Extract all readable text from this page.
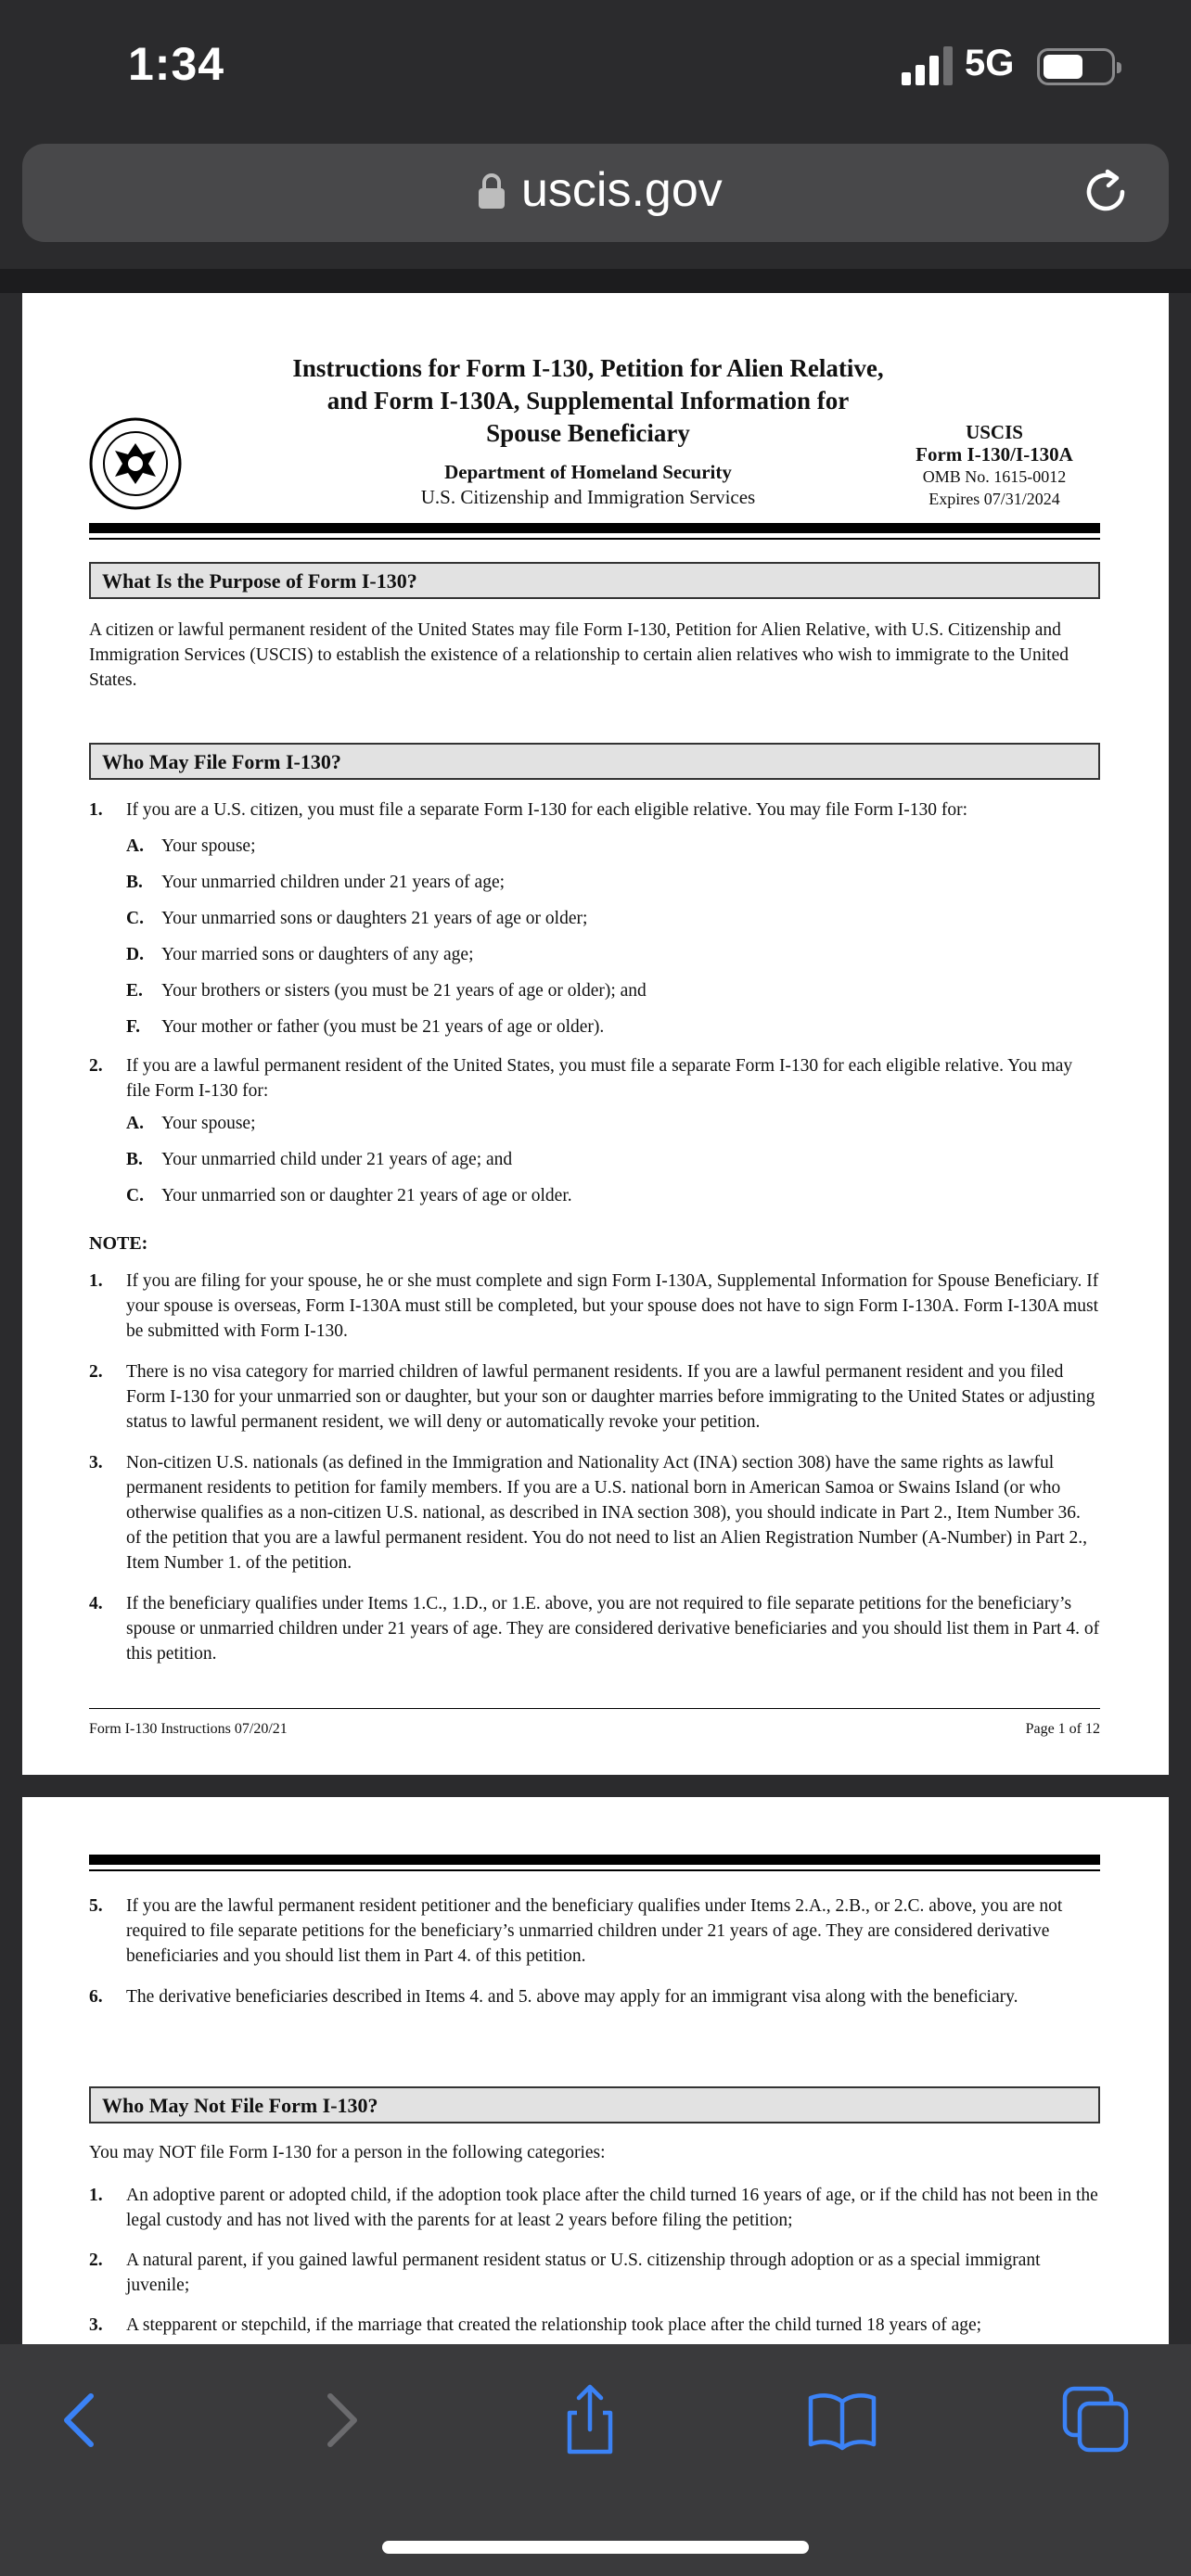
1:34	5G
uscis.gov
Instructions for Form I-130, Petition for Alien Relative,
and Form I-130A, Supplemental Information for
Spouse Beneficiary
Department of Homeland Security
U.S. Citizenship and Immigration Services
USCIS
Form I-130/I-130A
OMB No. 1615-0012
Expires 07/31/2024
What Is the Purpose of Form I-130?
A citizen or lawful permanent resident of the United States may file Form I-130, Petition for Alien Relative, with U.S. Citizenship and Immigration Services (USCIS) to establish the existence of a relationship to certain alien relatives who wish to immigrate to the United States.
Who May File Form I-130?
1. If you are a U.S. citizen, you must file a separate Form I-130 for each eligible relative. You may file Form I-130 for:
A. Your spouse;
B. Your unmarried children under 21 years of age;
C. Your unmarried sons or daughters 21 years of age or older;
D. Your married sons or daughters of any age;
E. Your brothers or sisters (you must be 21 years of age or older); and
F. Your mother or father (you must be 21 years of age or older).
2. If you are a lawful permanent resident of the United States, you must file a separate Form I-130 for each eligible relative. You may file Form I-130 for:
A. Your spouse;
B. Your unmarried child under 21 years of age; and
C. Your unmarried son or daughter 21 years of age or older.
NOTE:
1. If you are filing for your spouse, he or she must complete and sign Form I-130A, Supplemental Information for Spouse Beneficiary. If your spouse is overseas, Form I-130A must still be completed, but your spouse does not have to sign Form I-130A. Form I-130A must be submitted with Form I-130.
2. There is no visa category for married children of lawful permanent residents. If you are a lawful permanent resident and you filed Form I-130 for your unmarried son or daughter, but your son or daughter marries before immigrating to the United States or adjusting status to lawful permanent resident, we will deny or automatically revoke your petition.
3. Non-citizen U.S. nationals (as defined in the Immigration and Nationality Act (INA) section 308) have the same rights as lawful permanent residents to petition for family members. If you are a U.S. national born in American Samoa or Swains Island (or who otherwise qualifies as a non-citizen U.S. national, as described in INA section 308), you should indicate in Part 2., Item Number 36. of the petition that you are a lawful permanent resident. You do not need to list an Alien Registration Number (A-Number) in Part 2., Item Number 1. of the petition.
4. If the beneficiary qualifies under Items 1.C., 1.D., or 1.E. above, you are not required to file separate petitions for the beneficiary’s spouse or unmarried children under 21 years of age. They are considered derivative beneficiaries and you should list them in Part 4. of this petition.
Form I-130 Instructions 07/20/21	Page 1 of 12
5. If you are the lawful permanent resident petitioner and the beneficiary qualifies under Items 2.A., 2.B., or 2.C. above, you are not required to file separate petitions for the beneficiary’s unmarried children under 21 years of age. They are considered derivative beneficiaries and you should list them in Part 4. of this petition.
6. The derivative beneficiaries described in Items 4. and 5. above may apply for an immigrant visa along with the beneficiary.
Who May Not File Form I-130?
You may NOT file Form I-130 for a person in the following categories:
1. An adoptive parent or adopted child, if the adoption took place after the child turned 16 years of age, or if the child has not been in the legal custody and has not lived with the parents for at least 2 years before filing the petition;
2. A natural parent, if you gained lawful permanent resident status or U.S. citizenship through adoption or as a special immigrant juvenile;
3. A stepparent or stepchild, if the marriage that created the relationship took place after the child turned 18 years of age;
